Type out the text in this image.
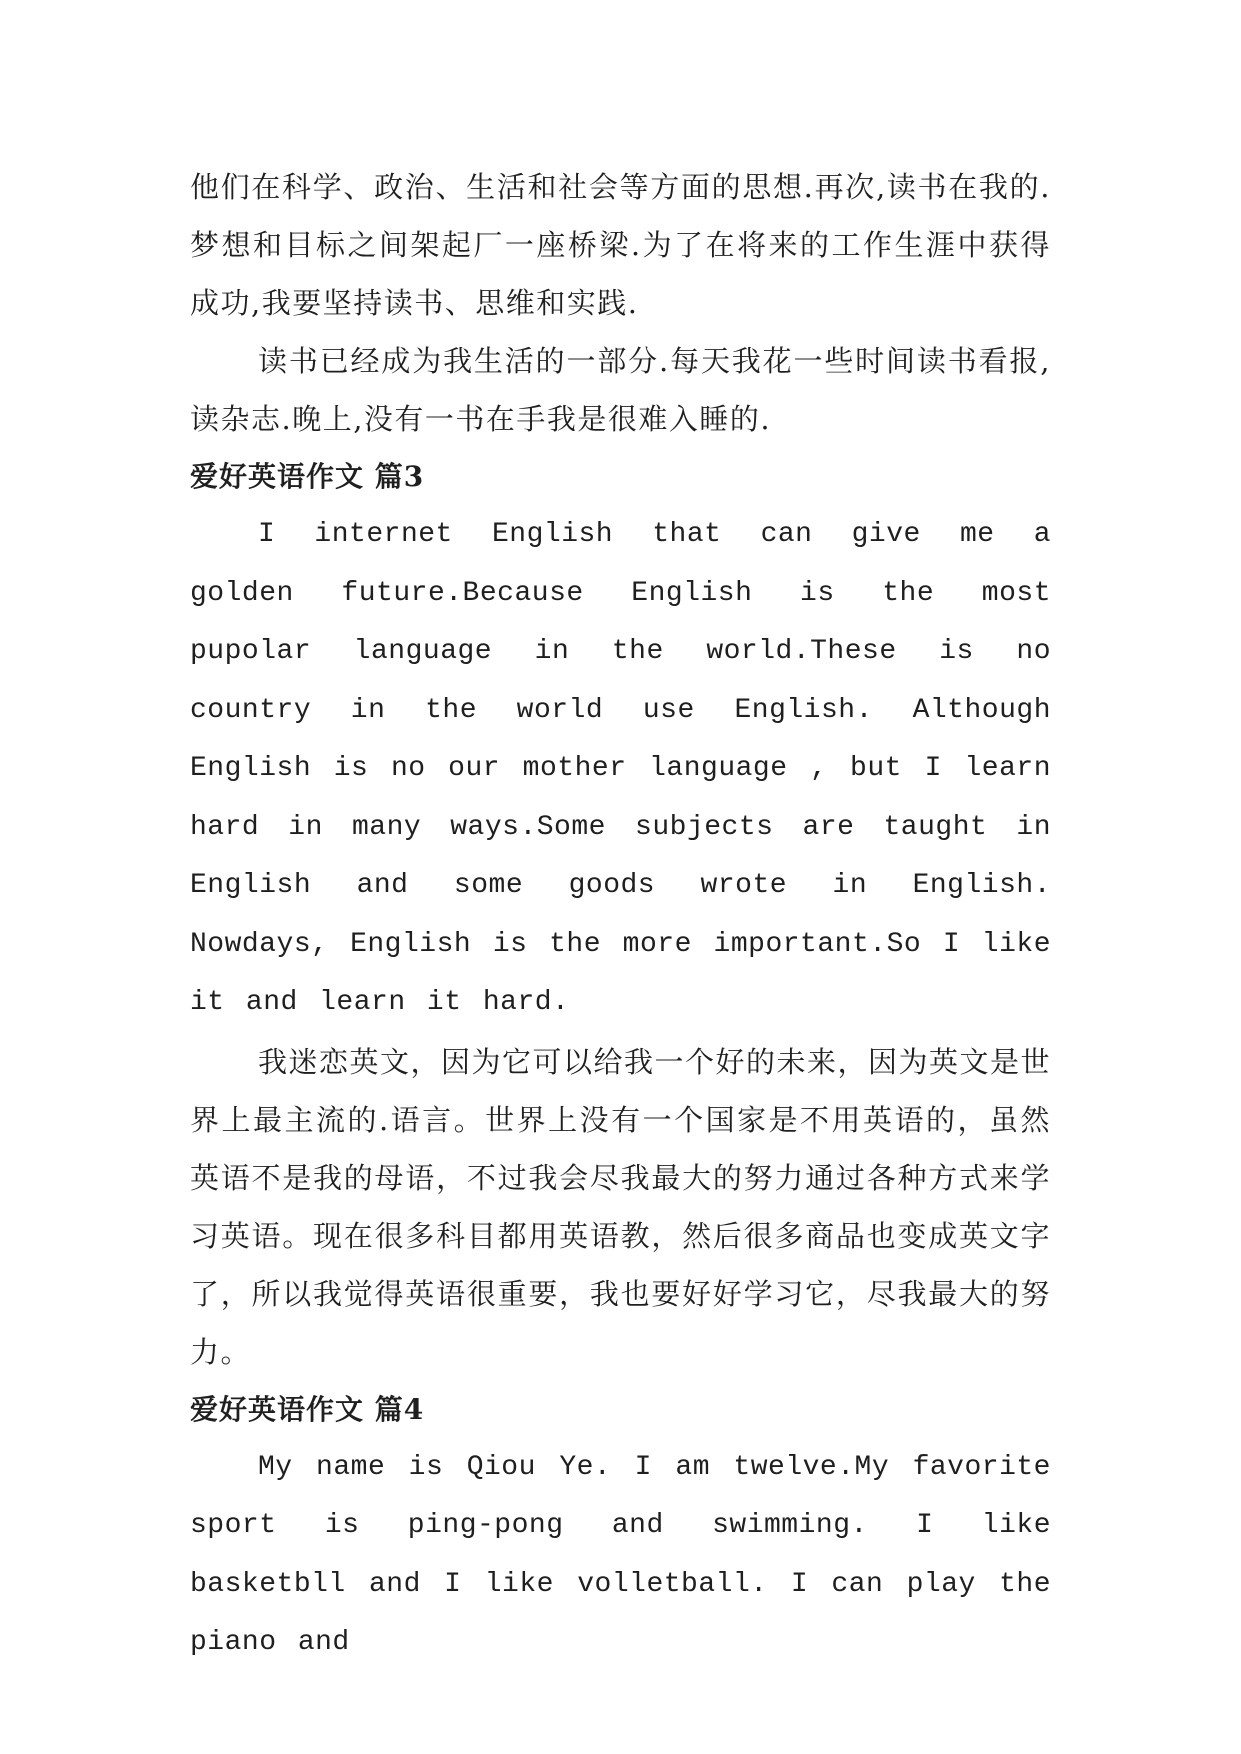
他们在科学、政治、生活和社会等方面的思想.再次,读书在我的.梦想和目标之间架起厂一座桥梁.为了在将来的工作生涯中获得成功,我要坚持读书、思维和实践.

读书已经成为我生活的一部分.每天我花一些时间读书看报,读杂志.晚上,没有一书在手我是很难入睡的.

爱好英语作文 篇3

I internet English that can give me a golden future.Because English is the most pupolar language in the world.These is no country in the world use English. Although English is no our mother language , but I learn hard in many ways.Some subjects are taught in English and some goods wrote in English. Nowdays, English is the more important.So I like it and learn it hard.

我迷恋英文，因为它可以给我一个好的未来，因为英文是世界上最主流的.语言。世界上没有一个国家是不用英语的，虽然英语不是我的母语，不过我会尽我最大的努力通过各种方式来学习英语。现在很多科目都用英语教，然后很多商品也变成英文字了，所以我觉得英语很重要，我也要好好学习它，尽我最大的努力。

爱好英语作文 篇4

My name is Qiou Ye. I am twelve.My favorite sport is ping-pong and swimming. I like basketbll and I like volletball. I can play the piano and
